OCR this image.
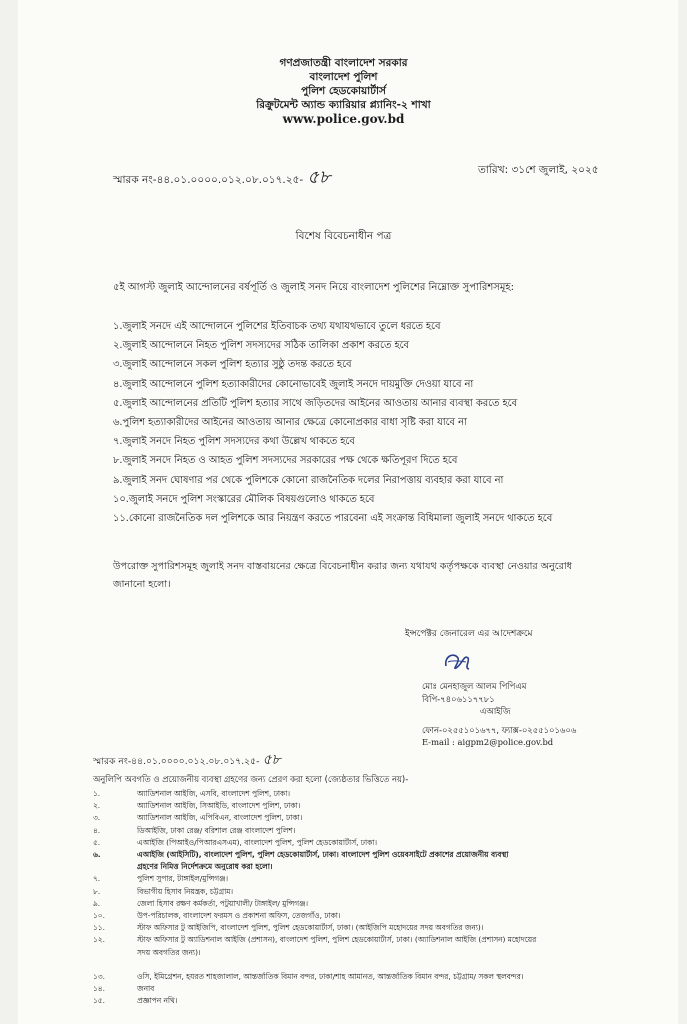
গণপ্রজাতন্ত্রী বাংলাদেশ সরকার
বাংলাদেশ পুলিশ
পুলিশ হেডকোয়ার্টার্স
রিক্রুটমেন্ট অ্যান্ড ক্যারিয়ার প্ল্যানিং-২ শাখা
www.police.gov.bd
স্মারক নং-৪৪.০১.০০০০.০১২.০৮.০১৭.২৫- ৫৮	তারিখ: ৩১শে জুলাই, ২০২৫
বিশেষ বিবেচনাধীন পত্র
৫ই আগস্ট জুলাই আন্দোলনের বর্ষপূর্তি ও জুলাই সনদ নিয়ে বাংলাদেশ পুলিশের নিম্নোক্ত সুপারিশসমূহ:
১.জুলাই সনদে এই আন্দোলনে পুলিশের ইতিবাচক তথ্য যথাযথভাবে তুলে ধরতে হবে
২.জুলাই আন্দোলনে নিহত পুলিশ সদস্যদের সঠিক তালিকা প্রকাশ করতে হবে
৩.জুলাই আন্দোলনে সকল পুলিশ হত্যার সুষ্ঠু তদন্ত করতে হবে
৪.জুলাই আন্দোলনে পুলিশ হত্যাকারীদের কোনোভাবেই জুলাই সনদে দায়মুক্তি দেওয়া যাবে না
৫.জুলাই আন্দোলনের প্রতিটি পুলিশ হত্যার সাথে জড়িতদের আইনের আওতায় আনার ব্যবস্থা করতে হবে
৬.পুলিশ হত্যাকারীদের আইনের আওতায় আনার ক্ষেত্রে কোনোপ্রকার বাধা সৃষ্টি করা যাবে না
৭.জুলাই সনদে নিহত পুলিশ সদস্যদের কথা উল্লেখ থাকতে হবে
৮.জুলাই সনদে নিহত ও আহত পুলিশ সদস্যদের সরকারের পক্ষ থেকে ক্ষতিপূরণ দিতে হবে
৯.জুলাই সনদ ঘোষণার পর থেকে পুলিশকে কোনো রাজনৈতিক দলের নিরাপত্তায় ব্যবহার করা যাবে না
১০.জুলাই সনদে পুলিশ সংস্কারের মৌলিক বিষয়গুলোও থাকতে হবে
১১.কোনো রাজনৈতিক দল পুলিশকে আর নিয়ন্ত্রণ করতে পারবেনা এই সংক্রান্ত বিধিমালা জুলাই সনদে থাকতে হবে
উপরোক্ত সুপারিশসমূহ জুলাই সনদ বাস্তবায়নের ক্ষেত্রে বিবেচনাধীন করার জন্য যথাযথ কর্তৃপক্ষকে ব্যবস্থা নেওয়ার অনুরোধ জানানো হলো।
ইন্সপেক্টর জেনারেল এর আদেশক্রমে
মোঃ মেনহাজুল আলম পিপিএম
বিপি-৭৪০৬১১৭৭৮১
এআইজি
ফোন-০২৫৫১০১৬৭৭, ফ্যাক্স-০২৫৫১০১৬০৬
E-mail : aigpm2@police.gov.bd
স্মারক নং-৪৪.০১.০০০০.০১২.০৮.০১৭.২৫- ৫৮
অনুলিপি অবগতি ও প্রয়োজনীয় ব্যবস্থা গ্রহণের জন্য প্রেরণ করা হলো (জ্যেষ্ঠতার ভিত্তিতে নয়)-
১.	অ্যাডিশনাল আইজি, এসবি, বাংলাদেশ পুলিশ, ঢাকা।
২.	অ্যাডিশনাল আইজি, সিআইডি, বাংলাদেশ পুলিশ, ঢাকা।
৩.	অ্যাডিশনাল আইজি, এপিবিএন, বাংলাদেশ পুলিশ, ঢাকা।
৪.	ডিআইজি, ঢাকা রেঞ্জ/ বরিশাল রেঞ্জ বাংলাদেশ পুলিশ।
৫.	এআইজি (পিআইও/পিআরএসএম), বাংলাদেশ পুলিশ, পুলিশ হেডকোয়ার্টার্স, ঢাকা।
৬.	এআইজি (আইসিটি), বাংলাদেশ পুলিশ, পুলিশ হেডকোয়ার্টার্স, ঢাকা। বাংলাদেশ পুলিশ ওয়েবসাইটে প্রকাশের প্রয়োজনীয় ব্যবস্থা
গ্রহণের নিমিত্ত নির্দেশক্রমে অনুরোধ করা হলো।
৭.	পুলিশ সুপার, টাঙ্গাইল/মুন্সিগঞ্জ।
৮.	বিভাগীয় হিসাব নিয়ন্ত্রক, চট্টগ্রাম।
৯.	জেলা হিসাব রক্ষণ কর্মকর্তা, পটুয়াখালী/ টাঙ্গাইল/ মুন্সিগঞ্জ।
১০.	উপ-পরিচালক, বাংলাদেশ ফরমস ও প্রকাশনা অফিস, তেজগাঁও, ঢাকা।
১১.	স্টাফ অফিসার টু আইজিপি, বাংলাদেশ পুলিশ, পুলিশ হেডকোয়ার্টার্স, ঢাকা। (আইজিপি মহোদয়ের সদয় অবগতির জন্য)।
১২.	স্টাফ অফিসার টু অ্যাডিশনাল আইজি (প্রশাসন), বাংলাদেশ পুলিশ, পুলিশ হেডকোয়ার্টার্স, ঢাকা। (অ্যাডিশনাল আইজি (প্রশাসন) মহোদয়ের
সদয় অবগতির জন্য)।
১৩.	ওসি, ইমিগ্রেশন, হযরত শাহজালাল, আন্তর্জাতিক বিমান বন্দর, ঢাকা/শাহ আমানত, আন্তর্জাতিক বিমান বন্দর, চট্টগ্রাম/ সকল স্থলবন্দর।
১৪.	জনাব
১৫.	প্রজ্ঞাপন নথি।
